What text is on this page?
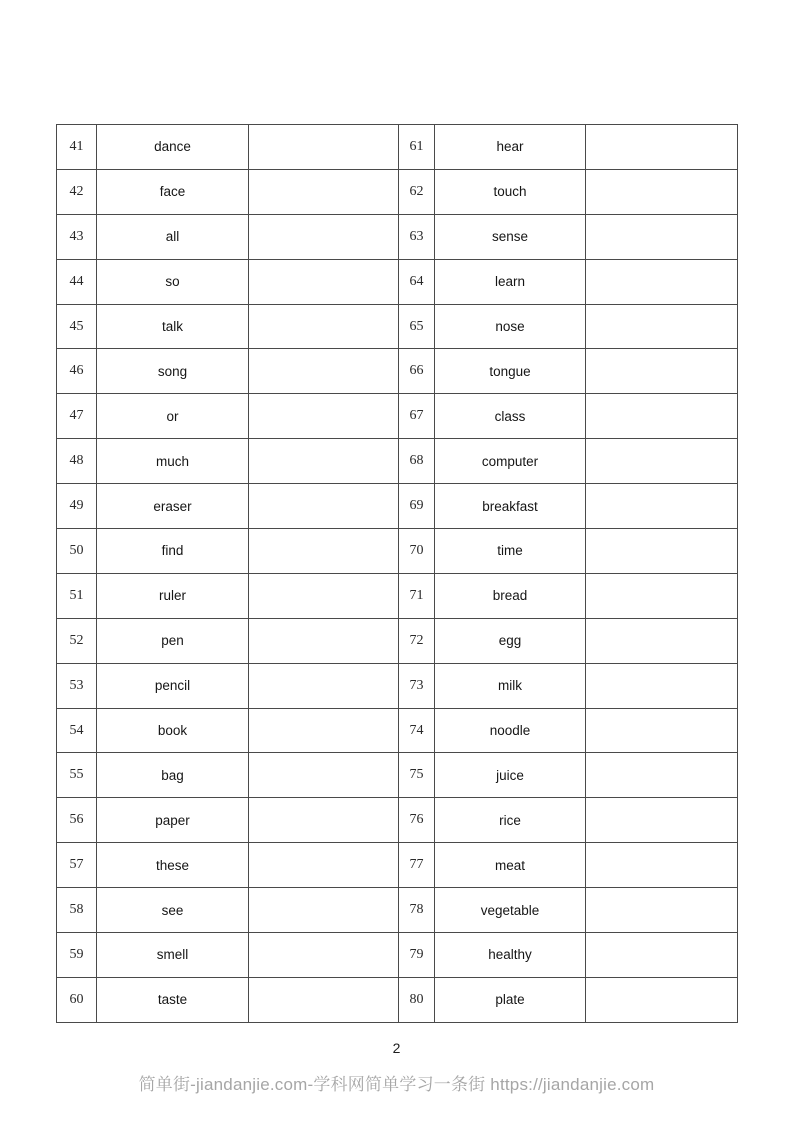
41	dance		61	hear	
42	face		62	touch	
43	all		63	sense	
44	so		64	learn	
45	talk		65	nose	
46	song		66	tongue	
47	or		67	class	
48	much		68	computer	
49	eraser		69	breakfast	
50	find		70	time	
51	ruler		71	bread	
52	pen		72	egg	
53	pencil		73	milk	
54	book		74	noodle	
55	bag		75	juice	
56	paper		76	rice	
57	these		77	meat	
58	see		78	vegetable	
59	smell		79	healthy	
60	taste		80	plate	
2
简单街-jiandanjie.com-学科网简单学习一条街 https://jiandanjie.com
